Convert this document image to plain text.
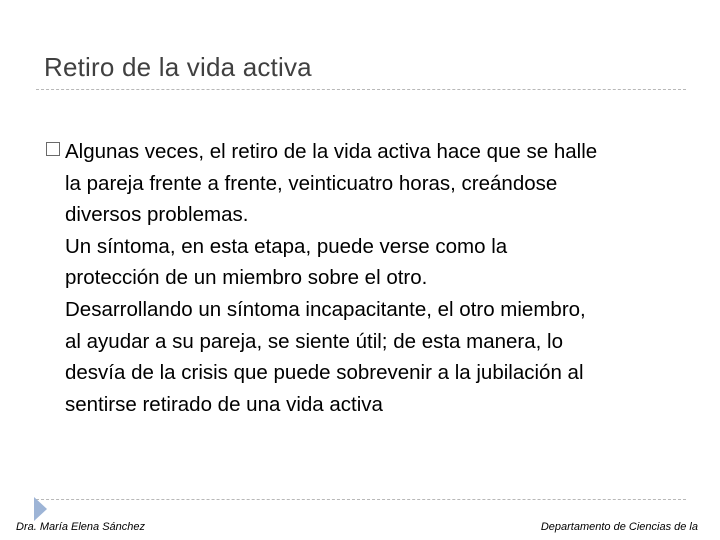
Retiro de la vida activa
Algunas veces, el retiro de la vida activa hace que se halle
la pareja frente a frente, veinticuatro horas, creándose
diversos problemas.
Un síntoma, en esta etapa, puede verse como la
protección de un miembro sobre el otro.
Desarrollando un síntoma incapacitante, el otro miembro,
al ayudar a su pareja, se siente útil; de esta manera, lo
desvía de la crisis que puede sobrevenir a la jubilación al
sentirse retirado de una vida activa
Dra. María Elena Sánchez	Departamento de Ciencias de la
